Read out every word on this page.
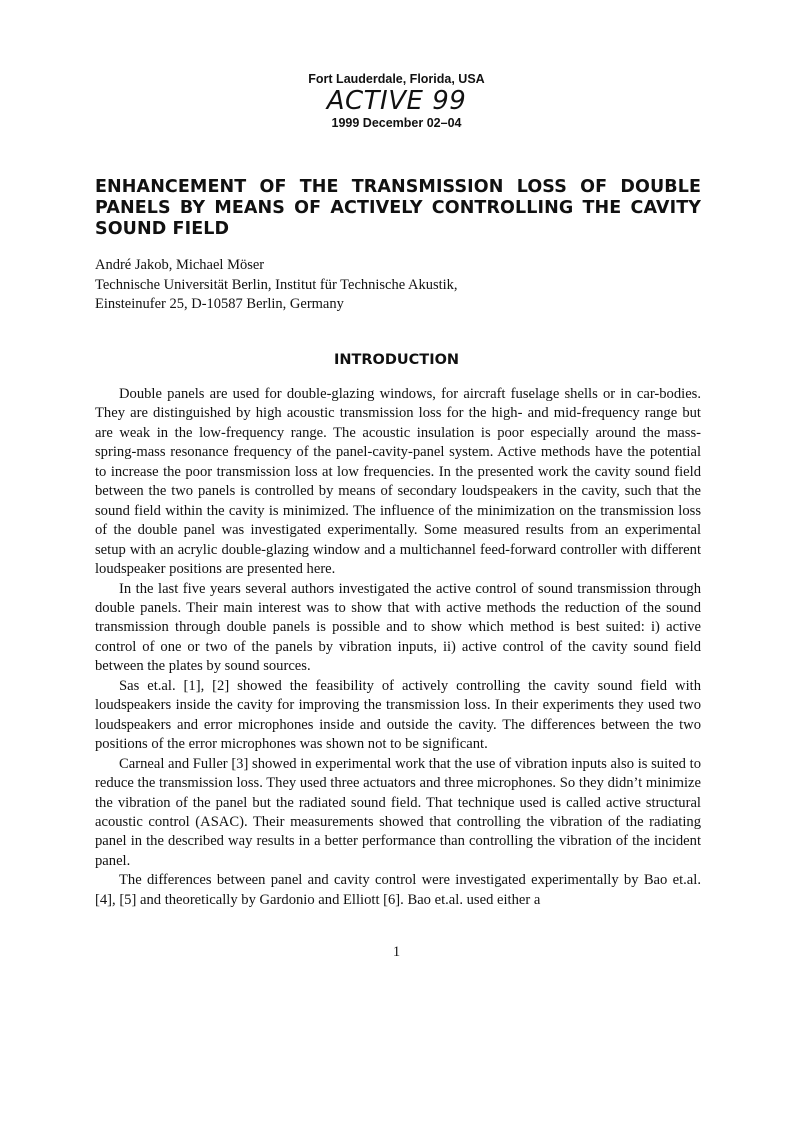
Fort Lauderdale, Florida, USA
ACTIVE 99
1999 December 02–04
ENHANCEMENT OF THE TRANSMISSION LOSS OF DOUBLE PANELS BY MEANS OF ACTIVELY CONTROLLING THE CAVITY SOUND FIELD
André Jakob, Michael Möser
Technische Universität Berlin, Institut für Technische Akustik,
Einsteinufer 25, D-10587 Berlin, Germany
INTRODUCTION

Double panels are used for double-glazing windows, for aircraft fuselage shells or in car-bodies. They are distinguished by high acoustic transmission loss for the high- and mid-frequency range but are weak in the low-frequency range. The acoustic insulation is poor especially around the mass-spring-mass resonance frequency of the panel-cavity-panel system. Active methods have the potential to increase the poor transmission loss at low frequencies. In the presented work the cavity sound field between the two panels is controlled by means of secondary loudspeakers in the cavity, such that the sound field within the cavity is minimized. The influence of the minimization on the transmission loss of the double panel was investigated experimentally. Some measured results from an experimental setup with an acrylic double-glazing window and a multichannel feed-forward controller with different loudspeaker positions are presented here.

In the last five years several authors investigated the active control of sound transmission through double panels. Their main interest was to show that with active methods the reduction of the sound transmission through double panels is possible and to show which method is best suited: i) active control of one or two of the panels by vibration inputs, ii) active control of the cavity sound field between the plates by sound sources.

Sas et.al. [1], [2] showed the feasibility of actively controlling the cavity sound field with loudspeakers inside the cavity for improving the transmission loss. In their experiments they used two loudspeakers and error microphones inside and outside the cavity. The differences between the two positions of the error microphones was shown not to be significant.

Carneal and Fuller [3] showed in experimental work that the use of vibration inputs also is suited to reduce the transmission loss. They used three actuators and three microphones. So they didn’t minimize the vibration of the panel but the radiated sound field. That technique used is called active structural acoustic control (ASAC). Their measurements showed that controlling the vibration of the radiating panel in the described way results in a better performance than controlling the vibration of the incident panel.

The differences between panel and cavity control were investigated experimentally by Bao et.al. [4], [5] and theoretically by Gardonio and Elliott [6]. Bao et.al. used either a

1
